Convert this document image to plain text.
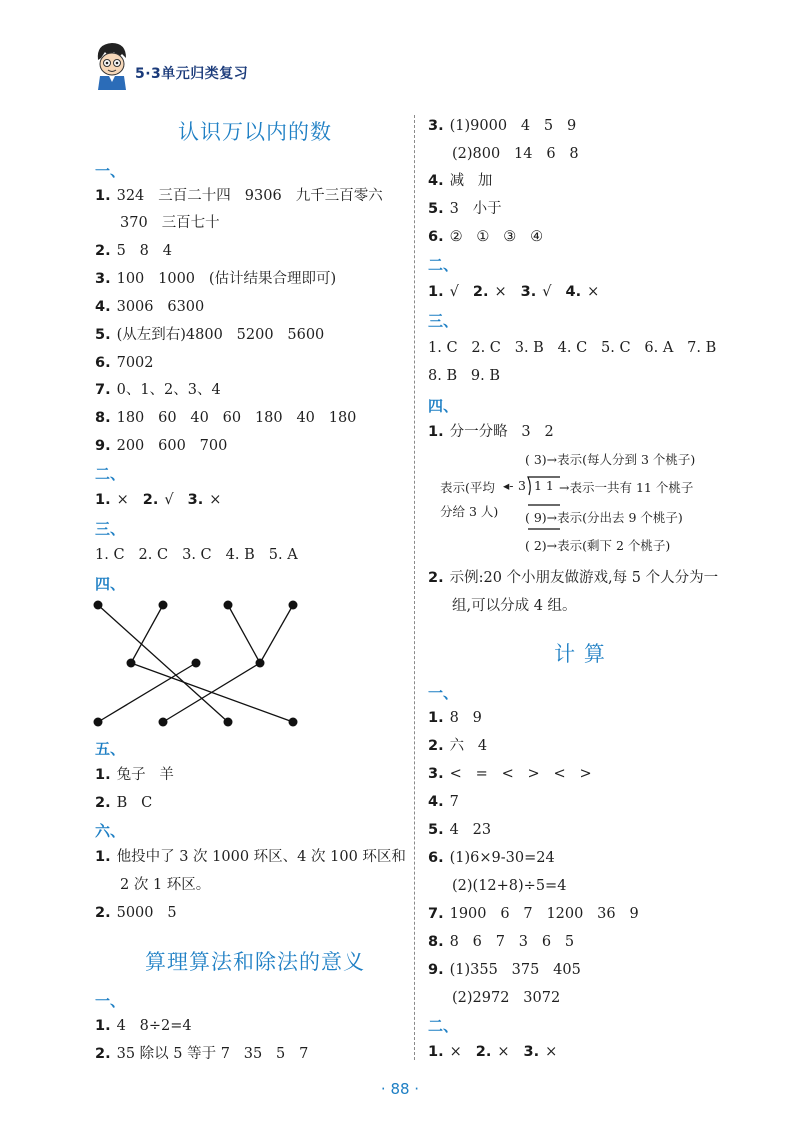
5·3单元归类复习
认识万以内的数
一、
1. 324 三百二十四 9306 九千三百零六
370 三百七十
2. 5   8   4
3. 100   1000   (估计结果合理即可)
4. 3006   6300
5. (从左到右)4800   5200   5600
6. 7002
7. 0、1、2、3、4
8. 180   60   40   60   180   40   180
9. 200   600   700
二、
1. × 2. √ 3. ×
三、
1. C 2. C 3. C 4. B 5. A
四、
五、
1. 兔子   羊
2. B   C
六、
1. 他投中了 3 次 1000 环区、4 次 100 环区和
2 次 1 环区。
2. 5000   5
算理算法和除法的意义
一、
1. 4   8÷2=4
2. 35 除以 5 等于 7   35   5   7
3. (1)9000   4   5   9
(2)800   14   6   8
4. 减   加
5. 3   小于
6. ②   ①   ③   ④
二、
1. √ 2. × 3. √ 4. ×
三、
1. C   2. C   3. B   4. C   5. C   6. A   7. B
8. B   9. B
四、
1. 分一分略   3   2
( 3)→表示(每人分到 3 个桃子)
表示(平均 ◂- 3 1 1 →表示一共有 11 个桃子
分给 3 人) ( 9)→表示(分出去 9 个桃子)
( 2)→表示(剩下 2 个桃子)
2. 示例:20 个小朋友做游戏,每 5 个人分为一
组,可以分成 4 组。
计 算
一、
1. 8   9
2. 六   4
3. <   =   <   >   <   >
4. 7
5. 4   23
6. (1)6×9-30=24
(2)(12+8)÷5=4
7. 1900   6   7   1200   36   9
8. 8   6   7   3   6   5
9. (1)355   375   405
(2)2972   3072
二、
1. × 2. × 3. ×
· 88 ·
